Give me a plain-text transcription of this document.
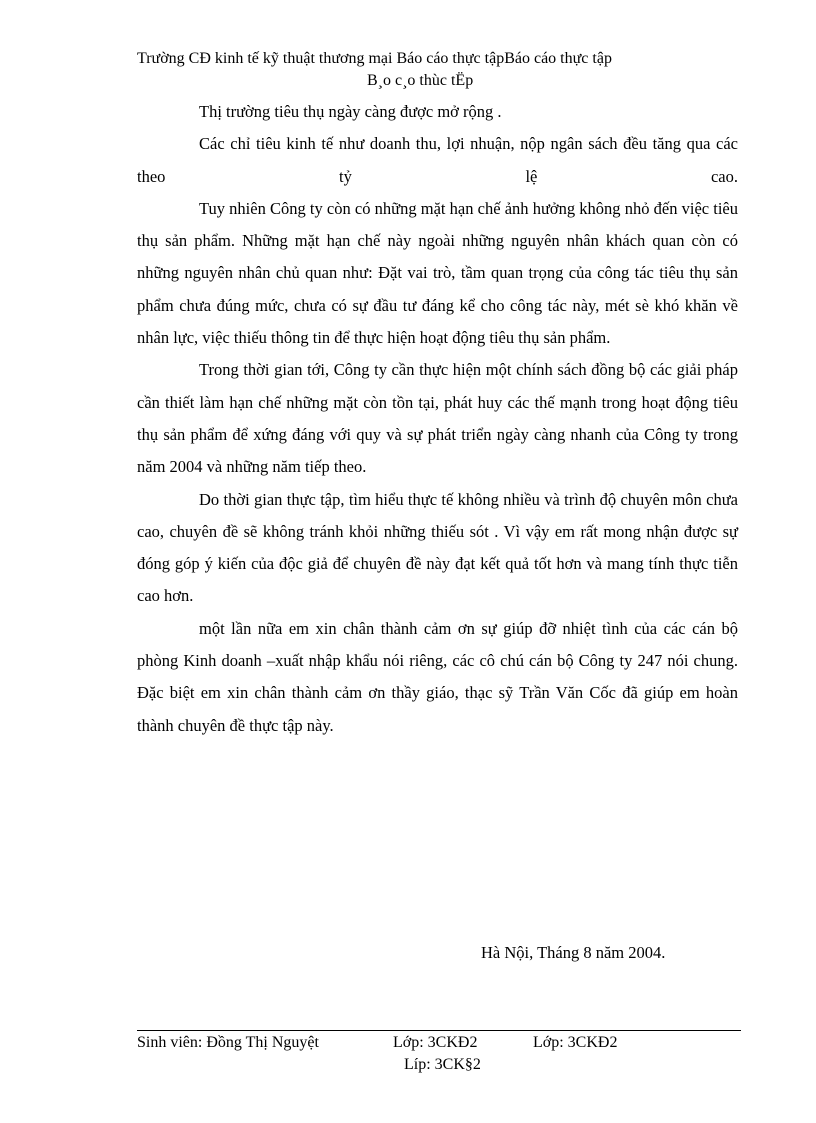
Trường CĐ kinh tế kỹ thuật thương mại Báo cáo thực tậpBáo cáo thực tập
B¸o c¸o thùc tËp

Thị trường tiêu thụ ngày càng được mở rộng .

Các chỉ tiêu kinh tế như doanh thu, lợi nhuận, nộp ngân sách đều tăng qua các theo tỷ lệ cao.

Tuy nhiên Công ty còn có những mặt hạn chế ảnh hưởng không nhỏ đến việc tiêu thụ sản phẩm. Những mặt hạn chế này ngoài những nguyên nhân khách quan còn có những nguyên nhân chủ quan như: Đặt vai trò, tầm quan trọng của công tác tiêu thụ sản phẩm chưa đúng mức, chưa có sự đầu tư đáng kể cho công tác này, mét sè khó khăn về nhân lực, việc thiếu thông tin để thực hiện hoạt động tiêu thụ sản phẩm.

Trong thời gian tới, Công ty cần thực hiện một chính sách đồng bộ các giải pháp cần thiết làm hạn chế những mặt còn tồn tại, phát huy các thế mạnh trong hoạt động tiêu thụ sản phẩm để xứng đáng với quy và sự phát triển ngày càng nhanh của Công ty trong năm 2004 và những năm tiếp theo.

Do thời gian thực tập, tìm hiểu thực tế không nhiều và trình độ chuyên môn chưa cao, chuyên đề sẽ không tránh khỏi những thiếu sót . Vì vậy em rất mong nhận được sự đóng góp ý kiến của độc giả để chuyên đề này đạt kết quả tốt hơn và mang tính thực tiễn cao hơn.

một lần nữa em xin chân thành cảm ơn sự giúp đỡ nhiệt tình của các cán bộ phòng Kinh doanh –xuất nhập khẩu nói riêng, các cô chú cán bộ Công ty 247 nói chung. Đặc biệt em xin chân thành cảm ơn thầy giáo, thạc sỹ Trần Văn Cốc đã giúp em hoàn thành chuyên đề thực tập này.

Hà Nội, Tháng 8 năm 2004.
Sinh viên: Đồng Thị Nguyệt	Lớp: 3CKĐ2	Lớp: 3CKĐ2
Líp: 3CK§2
